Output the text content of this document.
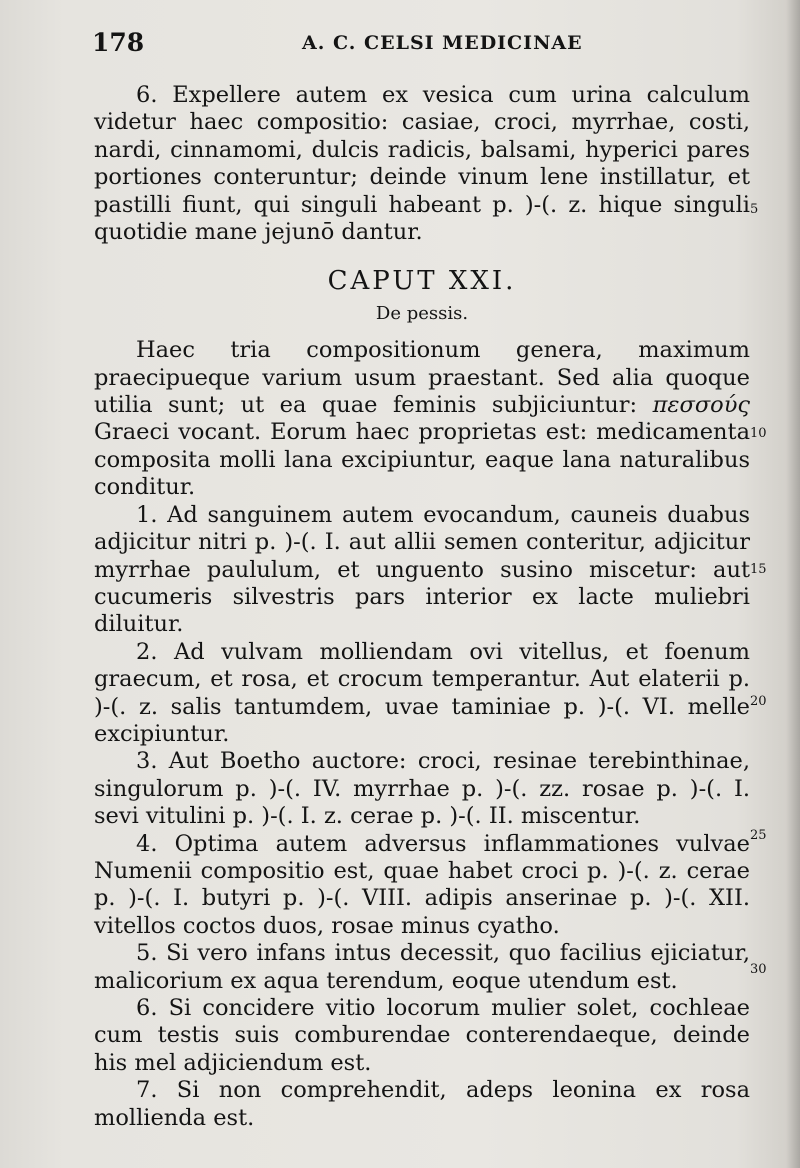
178	A. C. CELSI MEDICINAE

6. Expellere autem ex vesica cum urina calculum videtur haec compositio: casiae, croci, myrrhae, costi, nardi, cinnamomi, dulcis radicis, balsami, hyperici pares portiones conteruntur; deinde vinum lene instillatur, et pastilli fiunt, qui singuli habeant p. )-(. z. hique singuli quotidie mane jejunō dantur.

CAPUT XXI.
De pessis.

Haec tria compositionum genera, maximum praecipueque varium usum praestant. Sed alia quoque utilia sunt; ut ea quae feminis subjiciuntur: πεσσούς Graeci vocant. Eorum haec proprietas est: medicamenta composita molli lana excipiuntur, eaque lana naturalibus conditur.

1. Ad sanguinem autem evocandum, cauneis duabus adjicitur nitri p. )-(. I. aut allii semen conteritur, adjicitur myrrhae paululum, et unguento susino miscetur: aut cucumeris silvestris pars interior ex lacte muliebri diluitur.

2. Ad vulvam molliendam ovi vitellus, et foenum graecum, et rosa, et crocum temperantur. Aut elaterii p. )-(. z. salis tantumdem, uvae taminiae p. )-(. VI. melle excipiuntur.

3. Aut Boetho auctore: croci, resinae terebinthinae, singulorum p. )-(. IV. myrrhae p. )-(. zz. rosae p. )-(. I. sevi vitulini p. )-(. I. z. cerae p. )-(. II. miscentur.

4. Optima autem adversus inflammationes vulvae Numenii compositio est, quae habet croci p. )-(. z. cerae p. )-(. I. butyri p. )-(. VIII. adipis anserinae p. )-(. XII. vitellos coctos duos, rosae minus cyatho.

5. Si vero infans intus decessit, quo facilius ejiciatur, malicorium ex aqua terendum, eoque utendum est.

6. Si concidere vitio locorum mulier solet, cochleae cum testis suis comburendae conterendaeque, deinde his mel adjiciendum est.

7. Si non comprehendit, adeps leonina ex rosa mollienda est.

5
10
15
20
25
30
